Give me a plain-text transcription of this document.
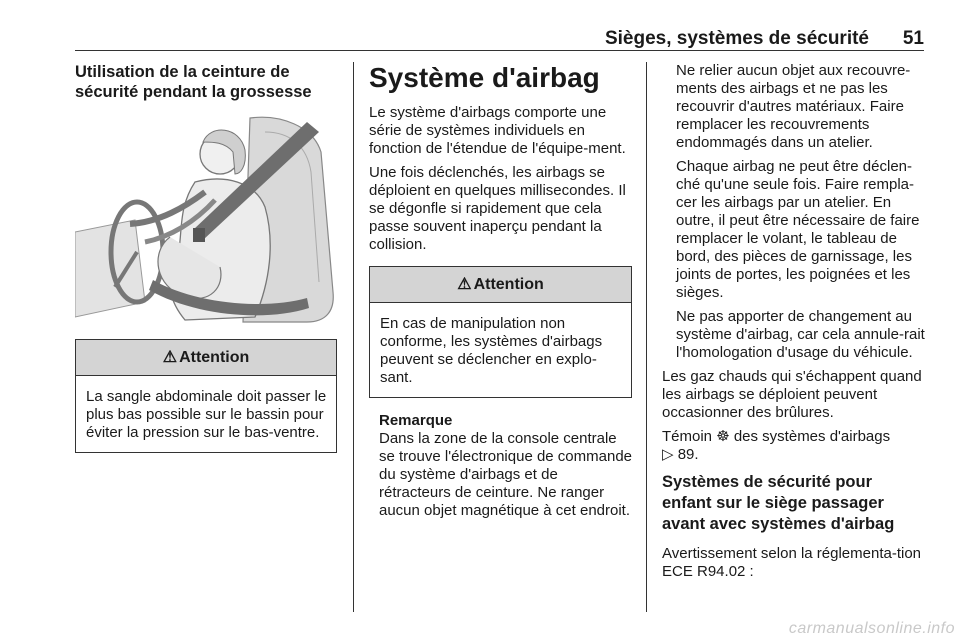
Sièges, systèmes de sécurité	51
Utilisation de la ceinture de sécurité pendant la grossesse
⚠ Attention
La sangle abdominale doit passer le plus bas possible sur le bassin pour éviter la pression sur le bas-ventre.
Système d'airbag

Le système d'airbags comporte une série de systèmes individuels en fonction de l'étendue de l'équipe-ment.

Une fois déclenchés, les airbags se déploient en quelques millisecondes. Il se dégonfle si rapidement que cela passe souvent inaperçu pendant la collision.

⚠ Attention
En cas de manipulation non conforme, les systèmes d'airbags peuvent se déclencher en explo-sant.
Remarque
Dans la zone de la console centrale se trouve l'électronique de commande du système d'airbags et de rétracteurs de ceinture. Ne ranger aucun objet magnétique à cet endroit.

Ne relier aucun objet aux recouvre-ments des airbags et ne pas les recouvrir d'autres matériaux. Faire remplacer les recouvrements endommagés dans un atelier.

Chaque airbag ne peut être déclen-ché qu'une seule fois. Faire rempla-cer les airbags par un atelier. En outre, il peut être nécessaire de faire remplacer le volant, le tableau de bord, des pièces de garnissage, les joints de portes, les poignées et les sièges.

Ne pas apporter de changement au système d'airbag, car cela annule-rait l'homologation d'usage du véhicule.

Les gaz chauds qui s'échappent quand les airbags se déploient peuvent occasionner des brûlures.

Témoin ☸ des systèmes d'airbags
▷ 89.

Systèmes de sécurité pour enfant sur le siège passager avant avec systèmes d'airbag

Avertissement selon la réglementa-tion ECE R94.02 :

carmanualsonline.info
